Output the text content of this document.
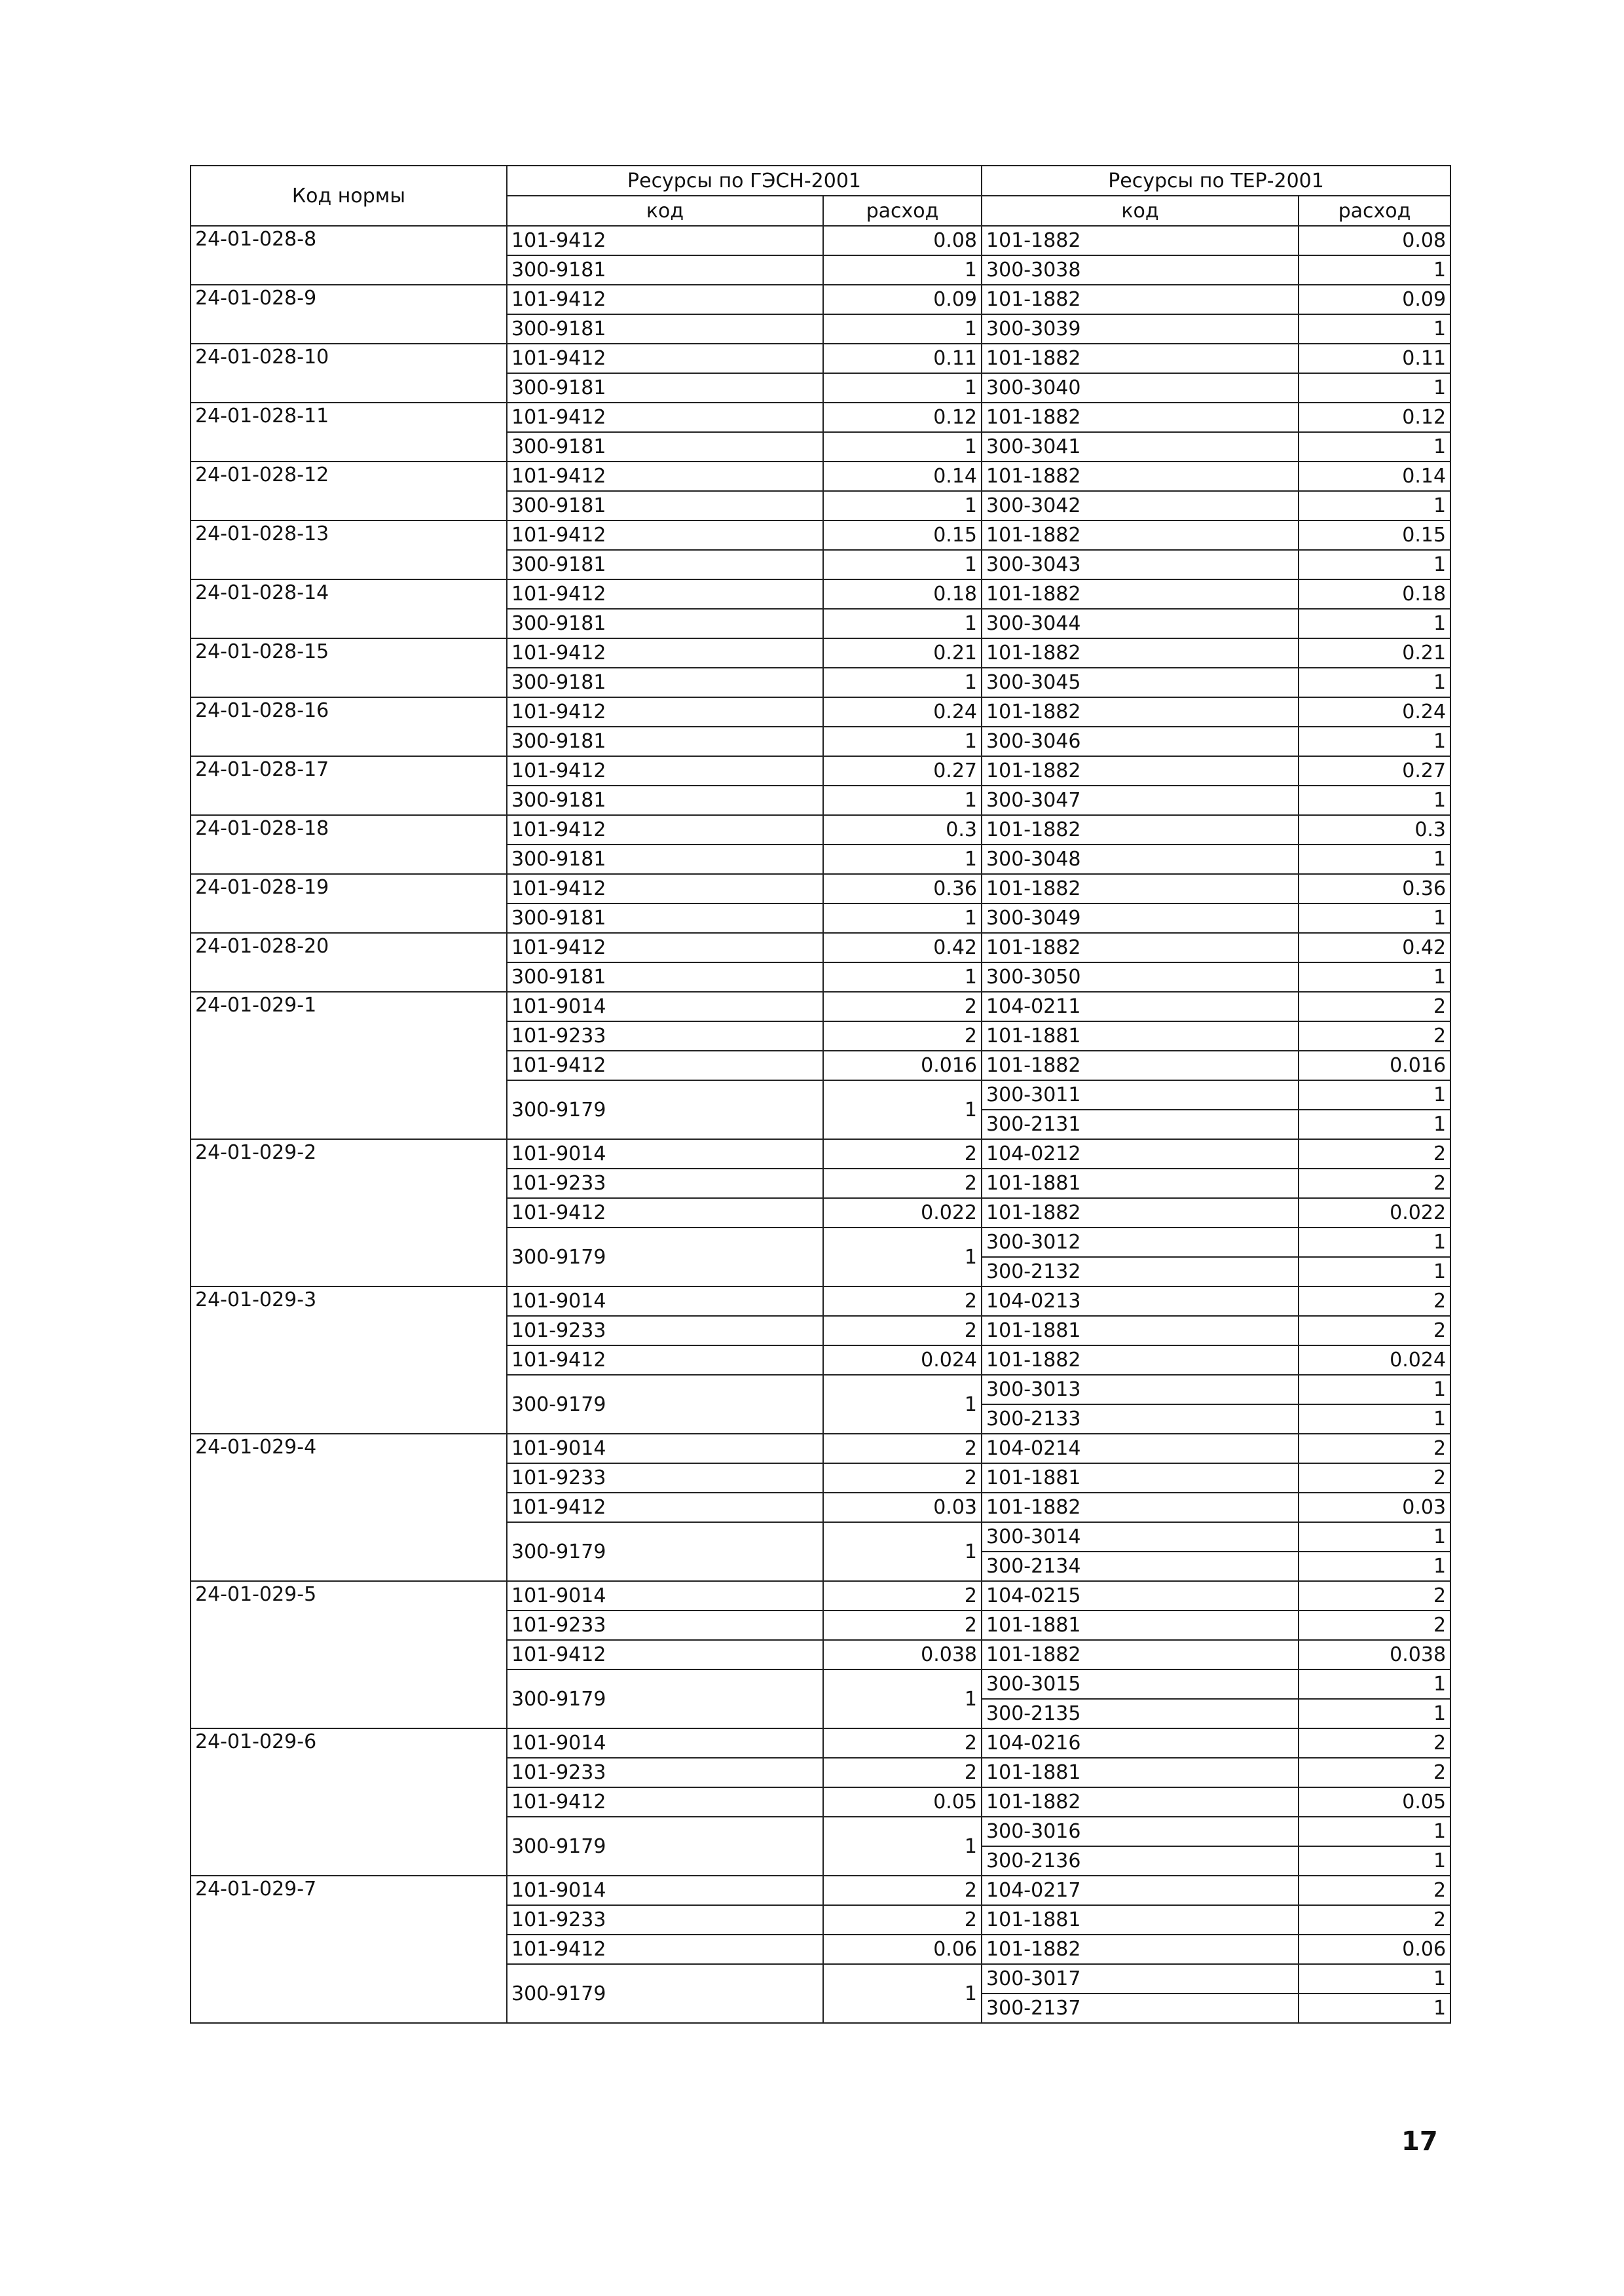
Код нормы	Ресурсы по ГЭСН-2001		Ресурсы по ТЕР-2001	
	код	расход	код	расход
24-01-028-8	101-9412	0.08	101-1882	0.08
	300-9181	1	300-3038	1
24-01-028-9	101-9412	0.09	101-1882	0.09
	300-9181	1	300-3039	1
24-01-028-10	101-9412	0.11	101-1882	0.11
	300-9181	1	300-3040	1
24-01-028-11	101-9412	0.12	101-1882	0.12
	300-9181	1	300-3041	1
24-01-028-12	101-9412	0.14	101-1882	0.14
	300-9181	1	300-3042	1
24-01-028-13	101-9412	0.15	101-1882	0.15
	300-9181	1	300-3043	1
24-01-028-14	101-9412	0.18	101-1882	0.18
	300-9181	1	300-3044	1
24-01-028-15	101-9412	0.21	101-1882	0.21
	300-9181	1	300-3045	1
24-01-028-16	101-9412	0.24	101-1882	0.24
	300-9181	1	300-3046	1
24-01-028-17	101-9412	0.27	101-1882	0.27
	300-9181	1	300-3047	1
24-01-028-18	101-9412	0.3	101-1882	0.3
	300-9181	1	300-3048	1
24-01-028-19	101-9412	0.36	101-1882	0.36
	300-9181	1	300-3049	1
24-01-028-20	101-9412	0.42	101-1882	0.42
	300-9181	1	300-3050	1
24-01-029-1	101-9014	2	104-0211	2
	101-9233	2	101-1881	2
	101-9412	0.016	101-1882	0.016
	300-9179	1	300-3011	1
			300-2131	1
24-01-029-2	101-9014	2	104-0212	2
	101-9233	2	101-1881	2
	101-9412	0.022	101-1882	0.022
	300-9179	1	300-3012	1
			300-2132	1
24-01-029-3	101-9014	2	104-0213	2
	101-9233	2	101-1881	2
	101-9412	0.024	101-1882	0.024
	300-9179	1	300-3013	1
			300-2133	1
24-01-029-4	101-9014	2	104-0214	2
	101-9233	2	101-1881	2
	101-9412	0.03	101-1882	0.03
	300-9179	1	300-3014	1
			300-2134	1
24-01-029-5	101-9014	2	104-0215	2
	101-9233	2	101-1881	2
	101-9412	0.038	101-1882	0.038
	300-9179	1	300-3015	1
			300-2135	1
24-01-029-6	101-9014	2	104-0216	2
	101-9233	2	101-1881	2
	101-9412	0.05	101-1882	0.05
	300-9179	1	300-3016	1
			300-2136	1
24-01-029-7	101-9014	2	104-0217	2
	101-9233	2	101-1881	2
	101-9412	0.06	101-1882	0.06
	300-9179	1	300-3017	1
			300-2137	1
17
